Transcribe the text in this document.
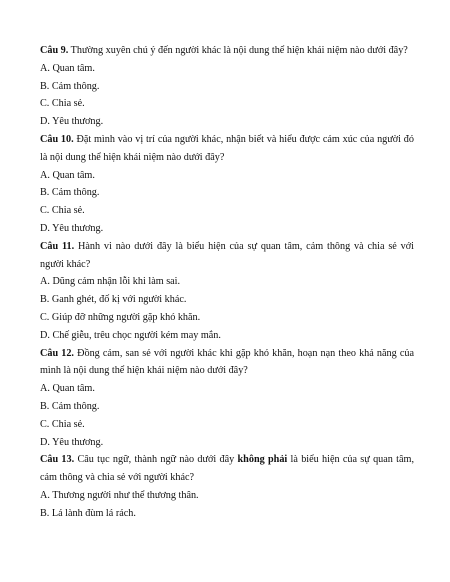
Câu 9. Thường xuyên chú ý đến người khác là nội dung thể hiện khái niệm nào dưới đây?

A. Quan tâm.

B. Cảm thông.

C. Chia sẻ.

D. Yêu thương.

Câu 10. Đặt mình vào vị trí của người khác, nhận biết và hiểu được cảm xúc của người đó là nội dung thể hiện khái niệm nào dưới đây?

A. Quan tâm.

B. Cảm thông.

C. Chia sẻ.

D. Yêu thương.

Câu 11. Hành vi nào dưới đây là biểu hiện của sự quan tâm, cảm thông và chia sẻ với người khác?

A. Dũng cảm nhận lỗi khi làm sai.

B. Ganh ghét, đố kị với người khác.

C. Giúp đỡ những người gặp khó khăn.

D. Chế giễu, trêu chọc người kém may mắn.

Câu 12. Đồng cảm, san sẻ với người khác khi gặp khó khăn, hoạn nạn theo khả năng của mình là nội dung thể hiện khái niệm nào dưới đây?

A. Quan tâm.

B. Cảm thông.

C. Chia sẻ.

D. Yêu thương.

Câu 13. Câu tục ngữ, thành ngữ nào dưới đây không phải là biểu hiện của sự quan tâm, cảm thông và chia sẻ với người khác?

A. Thương người như thể thương thân.

B. Lá lành đùm lá rách.
